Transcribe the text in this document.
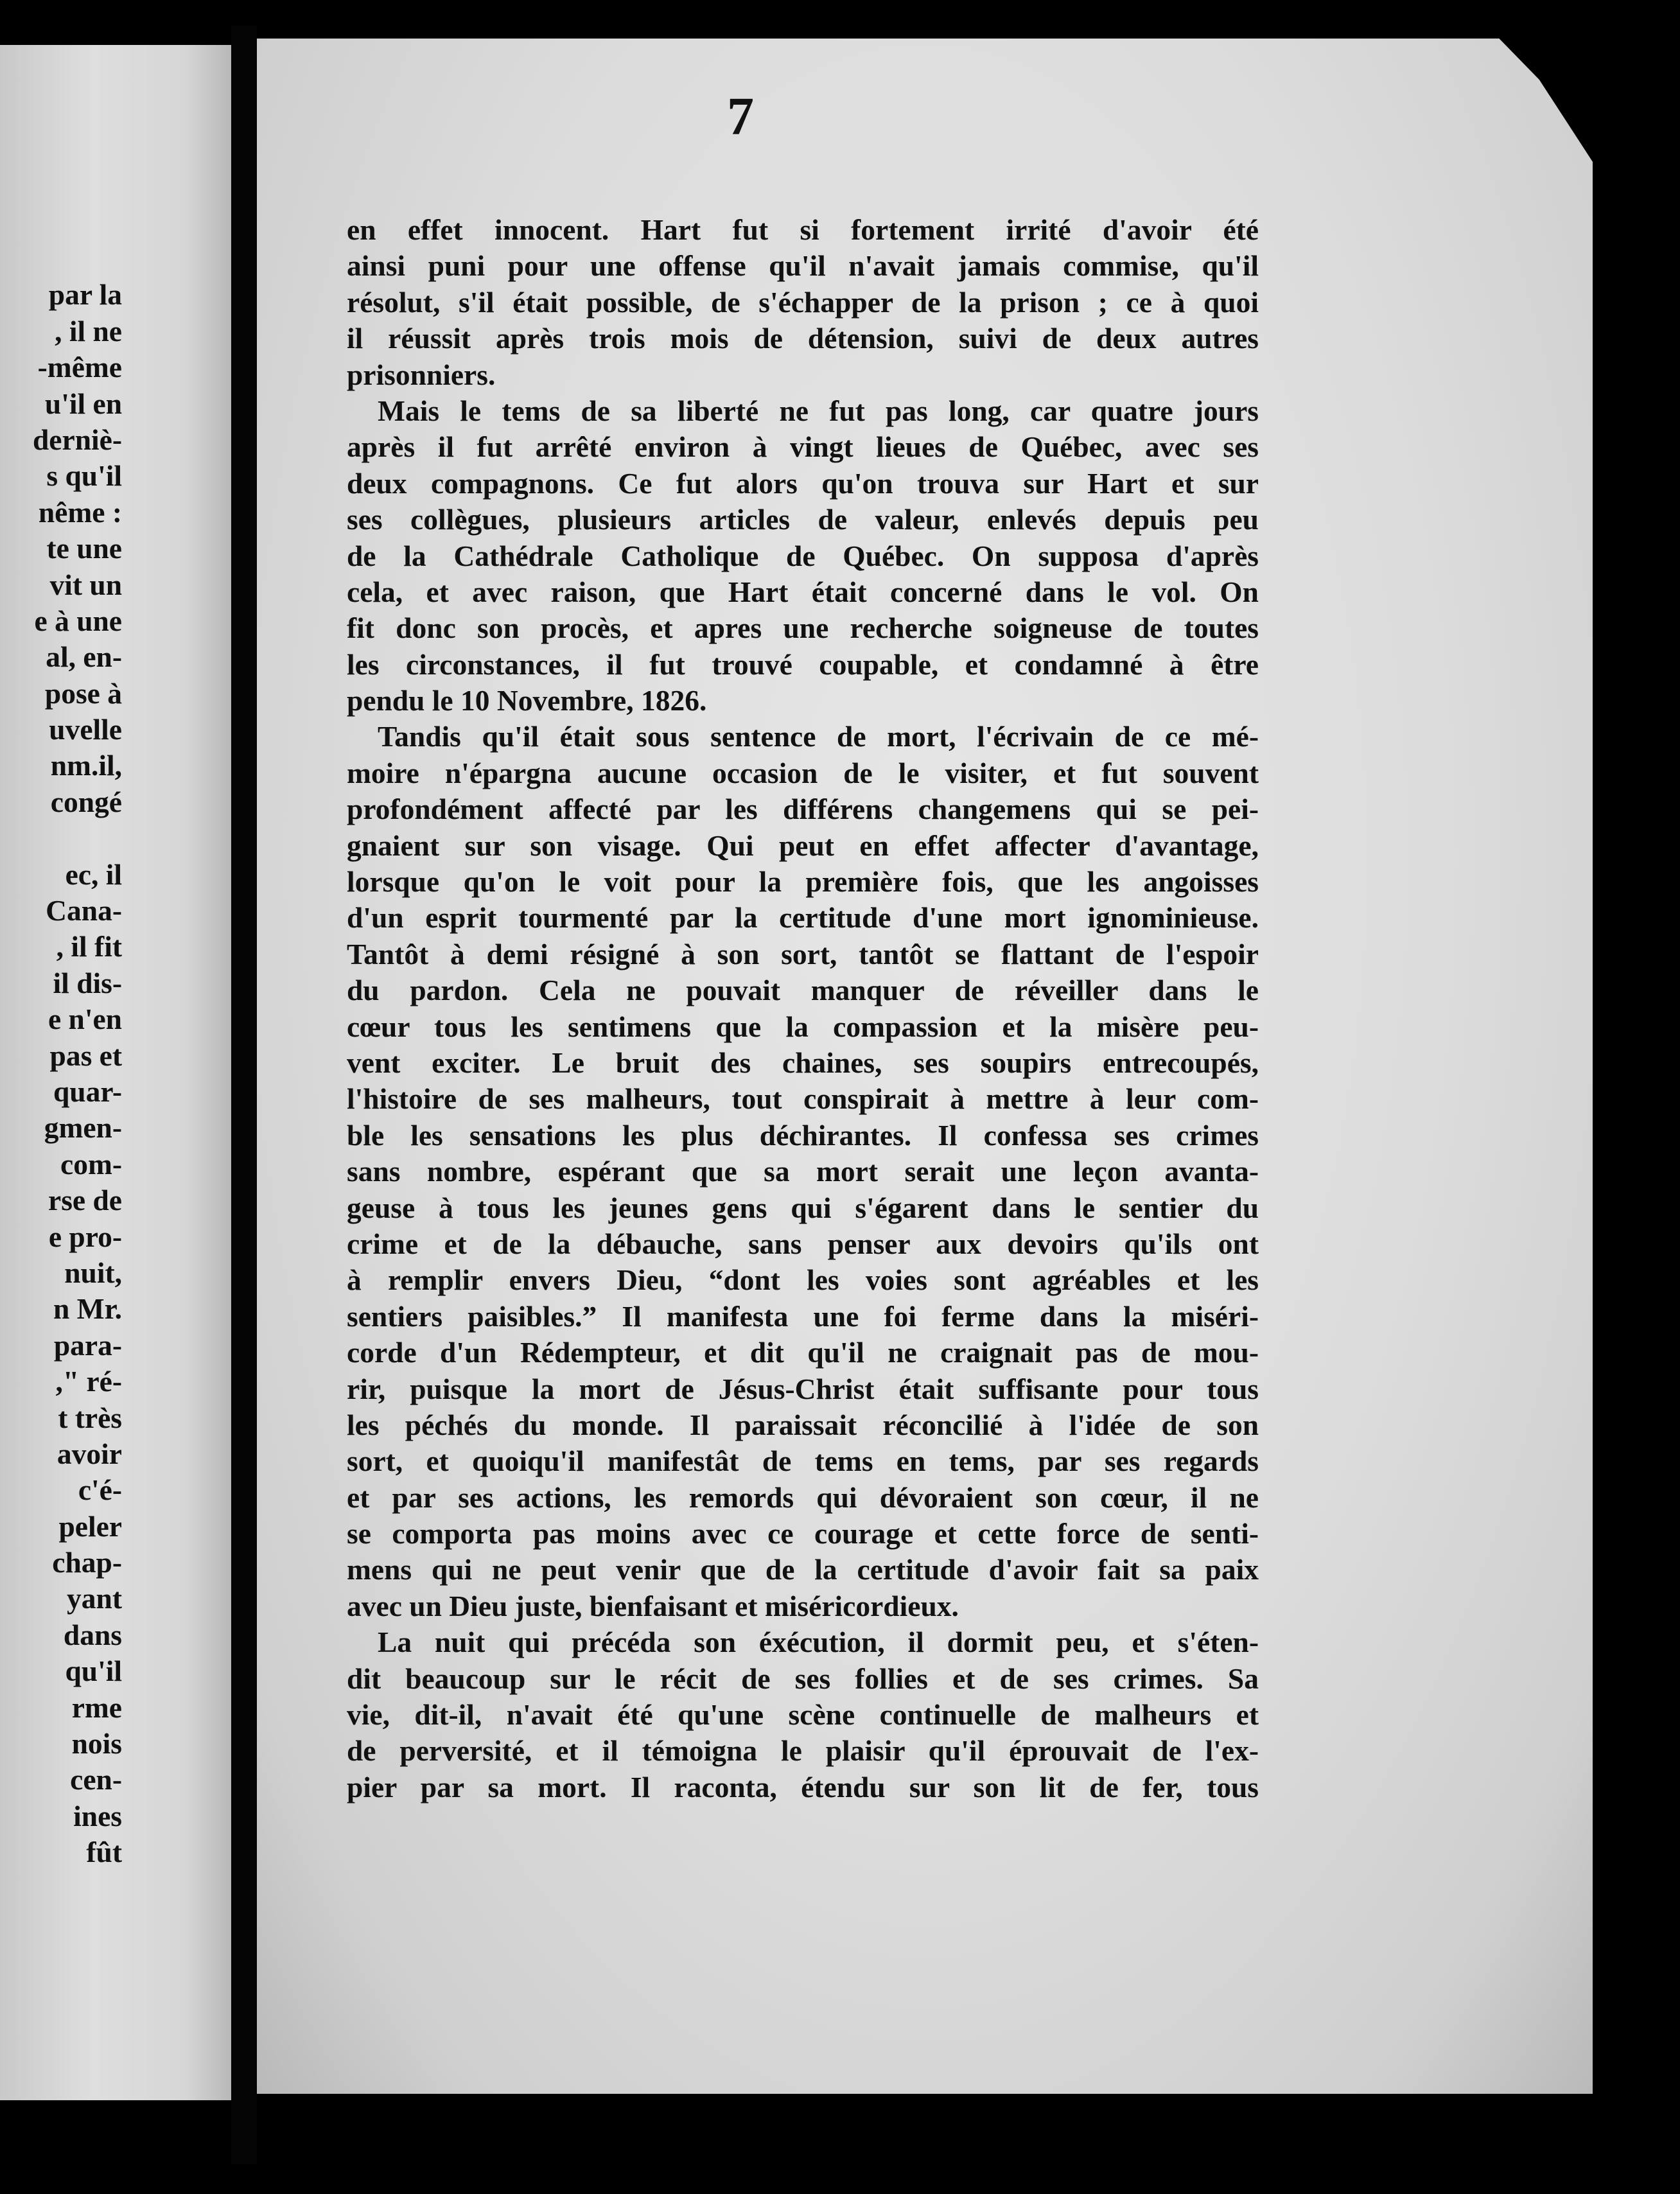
par la
, il ne
-même
u'il en
derniè-
s qu'il
nême :
te une
vit un
e à une
al, en-
pose à
uvelle
nm.il,
congé
ec, il
Cana-
, il fit
il dis-
e n'en
pas et
quar-
gmen-
com-
rse de
e pro-
nuit,
n Mr.
para-
," ré-
t très
avoir
c'é-
peler
chap-
yant
dans
qu'il
rme
nois
cen-
ines
fût
7
en effet innocent. Hart fut si fortement irrité d'avoir été
ainsi puni pour une offense qu'il n'avait jamais commise, qu'il
résolut, s'il était possible, de s'échapper de la prison ; ce à quoi
il réussit après trois mois de détension, suivi de deux autres
prisonniers.
Mais le tems de sa liberté ne fut pas long, car quatre jours
après il fut arrêté environ à vingt lieues de Québec, avec ses
deux compagnons. Ce fut alors qu'on trouva sur Hart et sur
ses collègues, plusieurs articles de valeur, enlevés depuis peu
de la Cathédrale Catholique de Québec. On supposa d'après
cela, et avec raison, que Hart était concerné dans le vol. On
fit donc son procès, et apres une recherche soigneuse de toutes
les circonstances, il fut trouvé coupable, et condamné à être
pendu le 10 Novembre, 1826.
Tandis qu'il était sous sentence de mort, l'écrivain de ce mé-
moire n'épargna aucune occasion de le visiter, et fut souvent
profondément affecté par les différens changemens qui se pei-
gnaient sur son visage. Qui peut en effet affecter d'avantage,
lorsque qu'on le voit pour la première fois, que les angoisses
d'un esprit tourmenté par la certitude d'une mort ignominieuse.
Tantôt à demi résigné à son sort, tantôt se flattant de l'espoir
du pardon. Cela ne pouvait manquer de réveiller dans le
cœur tous les sentimens que la compassion et la misère peu-
vent exciter. Le bruit des chaines, ses soupirs entrecoupés,
l'histoire de ses malheurs, tout conspirait à mettre à leur com-
ble les sensations les plus déchirantes. Il confessa ses crimes
sans nombre, espérant que sa mort serait une leçon avanta-
geuse à tous les jeunes gens qui s'égarent dans le sentier du
crime et de la débauche, sans penser aux devoirs qu'ils ont
à remplir envers Dieu, “dont les voies sont agréables et les
sentiers paisibles.” Il manifesta une foi ferme dans la miséri-
corde d'un Rédempteur, et dit qu'il ne craignait pas de mou-
rir, puisque la mort de Jésus-Christ était suffisante pour tous
les péchés du monde. Il paraissait réconcilié à l'idée de son
sort, et quoiqu'il manifestât de tems en tems, par ses regards
et par ses actions, les remords qui dévoraient son cœur, il ne
se comporta pas moins avec ce courage et cette force de senti-
mens qui ne peut venir que de la certitude d'avoir fait sa paix
avec un Dieu juste, bienfaisant et miséricordieux.
La nuit qui précéda son éxécution, il dormit peu, et s'éten-
dit beaucoup sur le récit de ses follies et de ses crimes. Sa
vie, dit-il, n'avait été qu'une scène continuelle de malheurs et
de perversité, et il témoigna le plaisir qu'il éprouvait de l'ex-
pier par sa mort. Il raconta, étendu sur son lit de fer, tous
